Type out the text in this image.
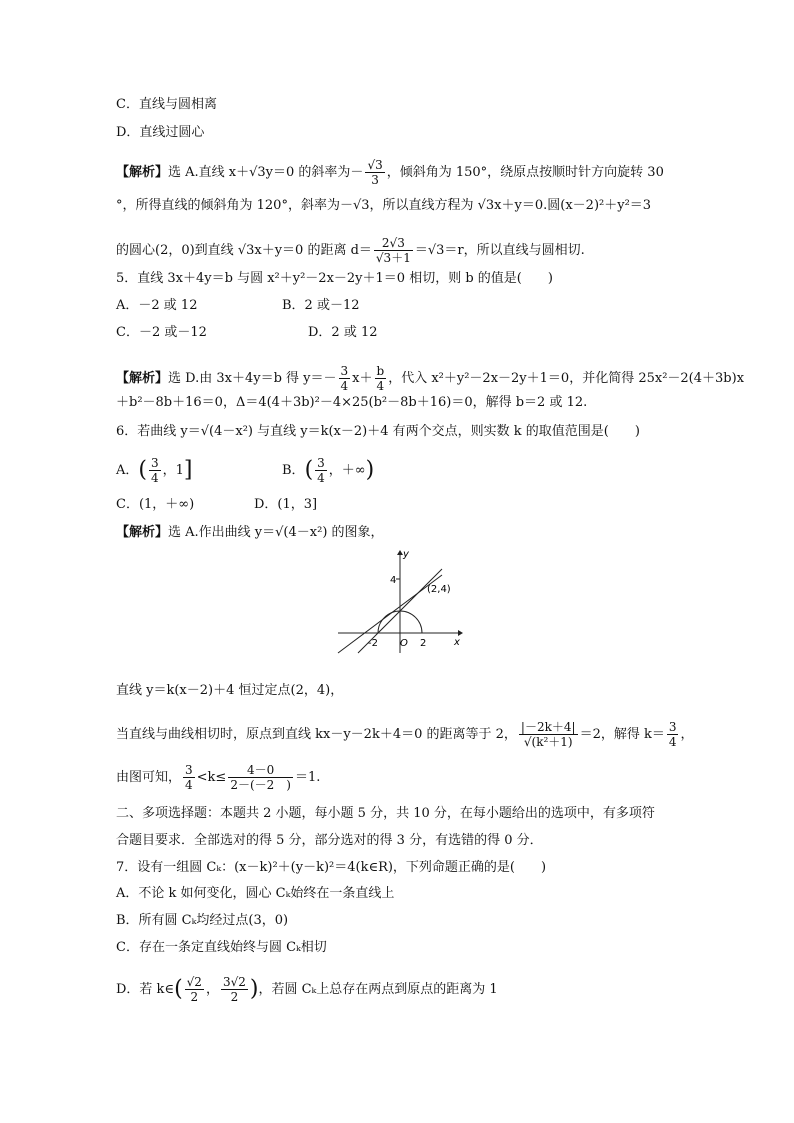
C．直线与圆相离
D．直线过圆心
【解析】选 A.直线 x＋√3y＝0 的斜率为－ $\frac{√3}{3}$ ，倾斜角为 150°，绕原点按顺时针方向旋转 30
°，所得直线的倾斜角为 120°，斜率为－√3，所以直线方程为 √3x＋y＝0.圆(x－2)²＋y²＝3
的圆心(2，0)到直线 √3x＋y＝0 的距离 $d= \frac{2√3}{√3+1} =√3=r$，所以直线与圆相切.
5．直线 3x＋4y＝b 与圆 x²＋y²－2x－2y＋1＝0 相切，则 b 的值是(　　)
A．－2 或 12	B．2 或－12
C．－2 或－12	D．2 或 12
【解析】选 D.由 3x＋4y＝b 得 $y=- \frac{3}{4} x+ \frac{b}{4}$ ，代入 x²＋y²－2x－2y＋1＝0，并化简得 25x²－2(4＋3b)x
＋b²－8b＋16＝0，Δ＝4(4＋3b)²－4×25(b²－8b＋16)＝0，解得 b＝2 或 12.
6．若曲线 y＝√(4－x²) 与直线 y＝k(x－2)＋4 有两个交点，则实数 k 的取值范围是(　　)
A．( $\frac{3}{4}$ ，1]	B．( $\frac{3}{4}$ ，＋∞)
C．(1，＋∞)	D．(1，3]
【解析】选 A.作出曲线 y＝√(4－x²) 的图象，
y
x
O
4
-2	2
(2,4)
直线 y＝k(x－2)＋4 恒过定点(2，4)，
当直线与曲线相切时，原点到直线 kx－y－2k＋4＝0 的距离等于 2， $\frac{|-2k+4|}{\text{√(k²＋1)}} =2$，解得 $k= \frac{3}{4}$ ，
由图可知， $\frac{3}{4} <k\le \frac{4-0}{2-(-2 )} =1$.
二、多项选择题：本题共 2 小题，每小题 5 分，共 10 分，在每小题给出的选项中，有多项符
合题目要求．全部选对的得 5 分，部分选对的得 3 分，有选错的得 0 分．
7．设有一组圆 Cₖ：(x－k)²＋(y－k)²＝4(k∈R)，下列命题正确的是(　　)
A．不论 k 如何变化，圆心 Cₖ始终在一条直线上
B．所有圆 Cₖ均经过点(3，0)
C．存在一条定直线始终与圆 Cₖ相切
D．若 k∈( $\frac{√2}{2}$ ， $\frac{3√2}{2}$ )，若圆 Cₖ上总存在两点到原点的距离为 1
